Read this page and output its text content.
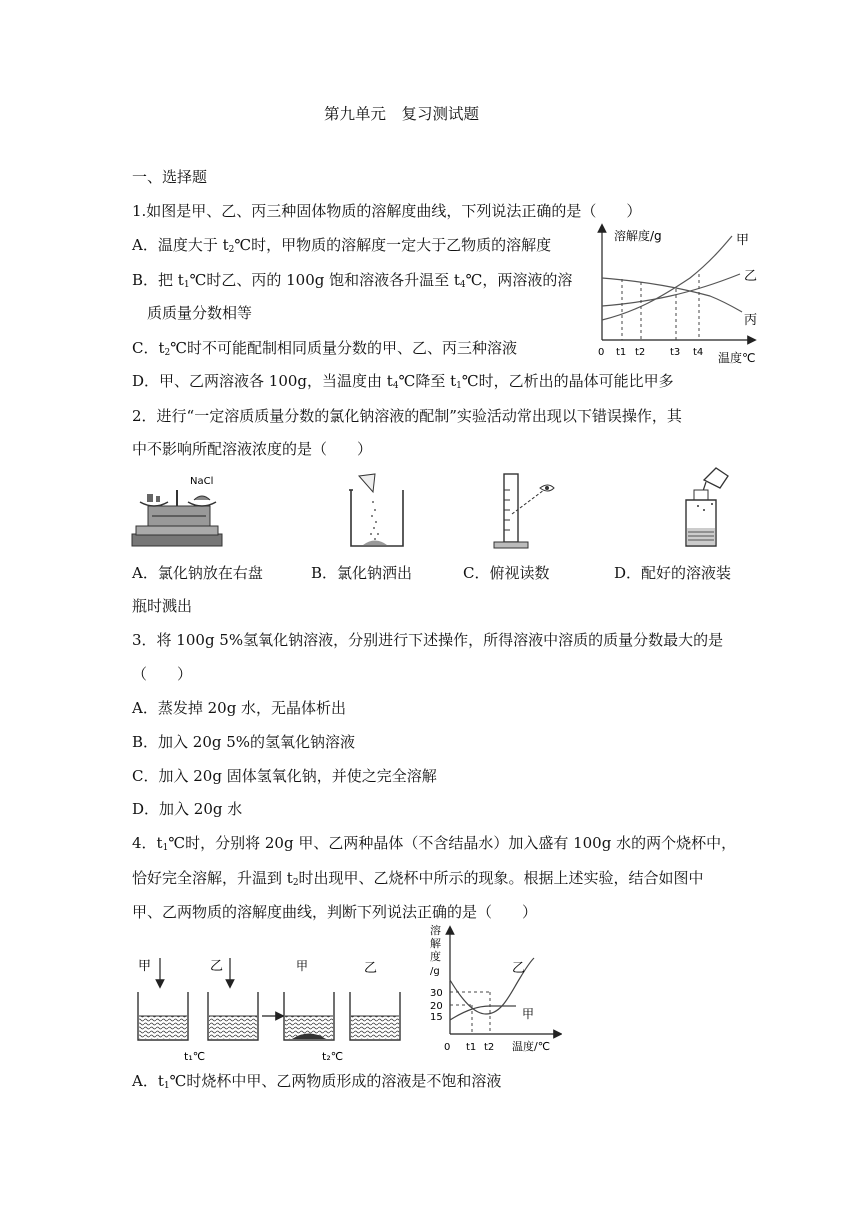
第九单元　复习测试题
一、选择题
1.如图是甲、乙、丙三种固体物质的溶解度曲线，下列说法正确的是（　　）
A．温度大于 $t_2℃$时，甲物质的溶解度一定大于乙物质的溶解度
B．把 $t_1℃$时乙、丙的 100g 饱和溶液各升温至 $t_4℃$，两溶液的溶
质质量分数相等
C．$t_2℃$时不可能配制相同质量分数的甲、乙、丙三种溶液
D．甲、乙两溶液各 100g，当温度由 $t_4℃$降至 $t_1℃$时，乙析出的晶体可能比甲多
溶解度/g
0	温度℃
甲
乙
丙
t1 t2 t3 t4
2．进行“一定溶质质量分数的氯化钠溶液的配制”实验活动常出现以下错误操作，其
中不影响所配溶液浓度的是（　　）
NaCl
A．氯化钠放在右盘	B．氯化钠洒出	C．俯视读数	D．配好的溶液装
瓶时溅出
3．将 100g 5%氢氧化钠溶液，分别进行下述操作，所得溶液中溶质的质量分数最大的是
（　　）
A．蒸发掉 20g 水，无晶体析出
B．加入 20g 5%的氢氧化钠溶液
C．加入 20g 固体氢氧化钠，并使之完全溶解
D．加入 20g 水
4．$t_1℃$时，分别将 20g 甲、乙两种晶体（不含结晶水）加入盛有 100g 水的两个烧杯中，
恰好完全溶解，升温到 $t_2$时出现甲、乙烧杯中所示的现象。根据上述实验，结合如图中
甲、乙两物质的溶解度曲线，判断下列说法正确的是（　　）
甲	乙	甲	乙
t₁℃	t₂℃
溶
解
度
/g
30
20
15
乙
甲
0 t1 t2 温度/℃
A．$t_1℃$时烧杯中甲、乙两物质形成的溶液是不饱和溶液
